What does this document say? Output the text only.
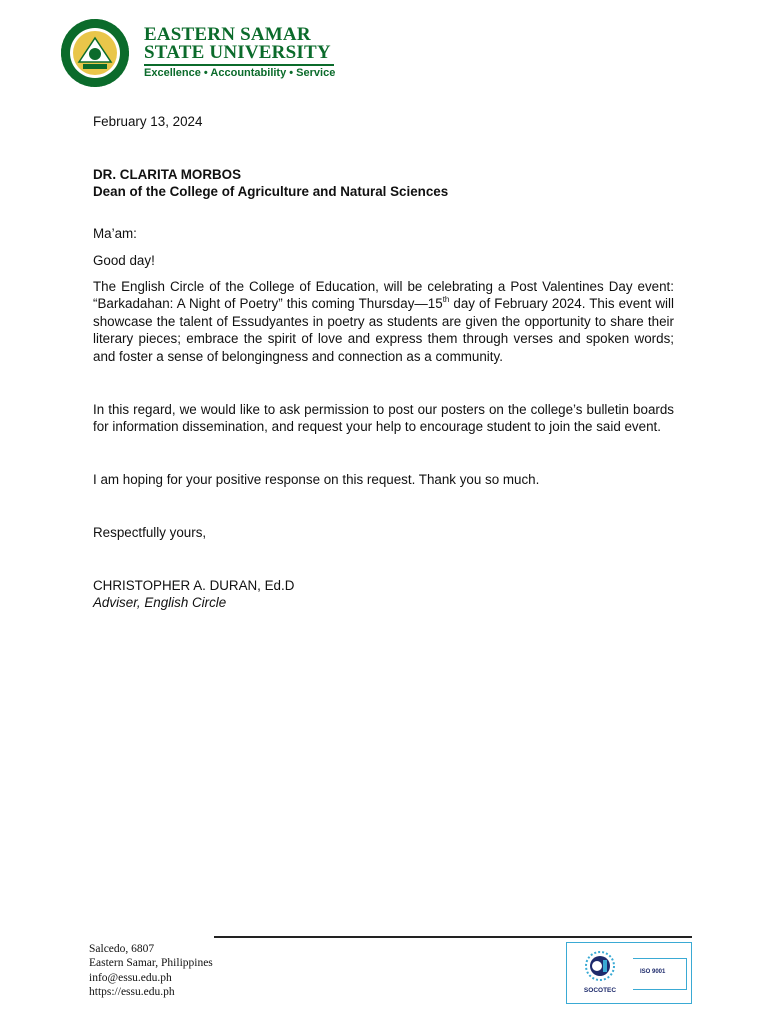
EASTERN SAMAR
STATE UNIVERSITY
Excellence • Accountability • Service
February 13, 2024
DR. CLARITA MORBOS
Dean of the College of Agriculture and Natural Sciences
Ma’am:
Good day!
The English Circle of the College of Education, will be celebrating a Post Valentines Day event: “Barkadahan: A Night of Poetry” this coming Thursday—15th day of February 2024. This event will showcase the talent of Essudyantes in poetry as students are given the opportunity to share their literary pieces; embrace the spirit of love and express them through verses and spoken words; and foster a sense of belongingness and connection as a community.
In this regard, we would like to ask permission to post our posters on the college’s bulletin boards for information dissemination, and request your help to encourage student to join the said event.
I am hoping for your positive response on this request. Thank you so much.
Respectfully yours,
CHRISTOPHER A. DURAN, Ed.D
Adviser, English Circle
Salcedo, 6807
Eastern Samar, Philippines
info@essu.edu.ph
https://essu.edu.ph	SOCOTEC
ISO 9001
